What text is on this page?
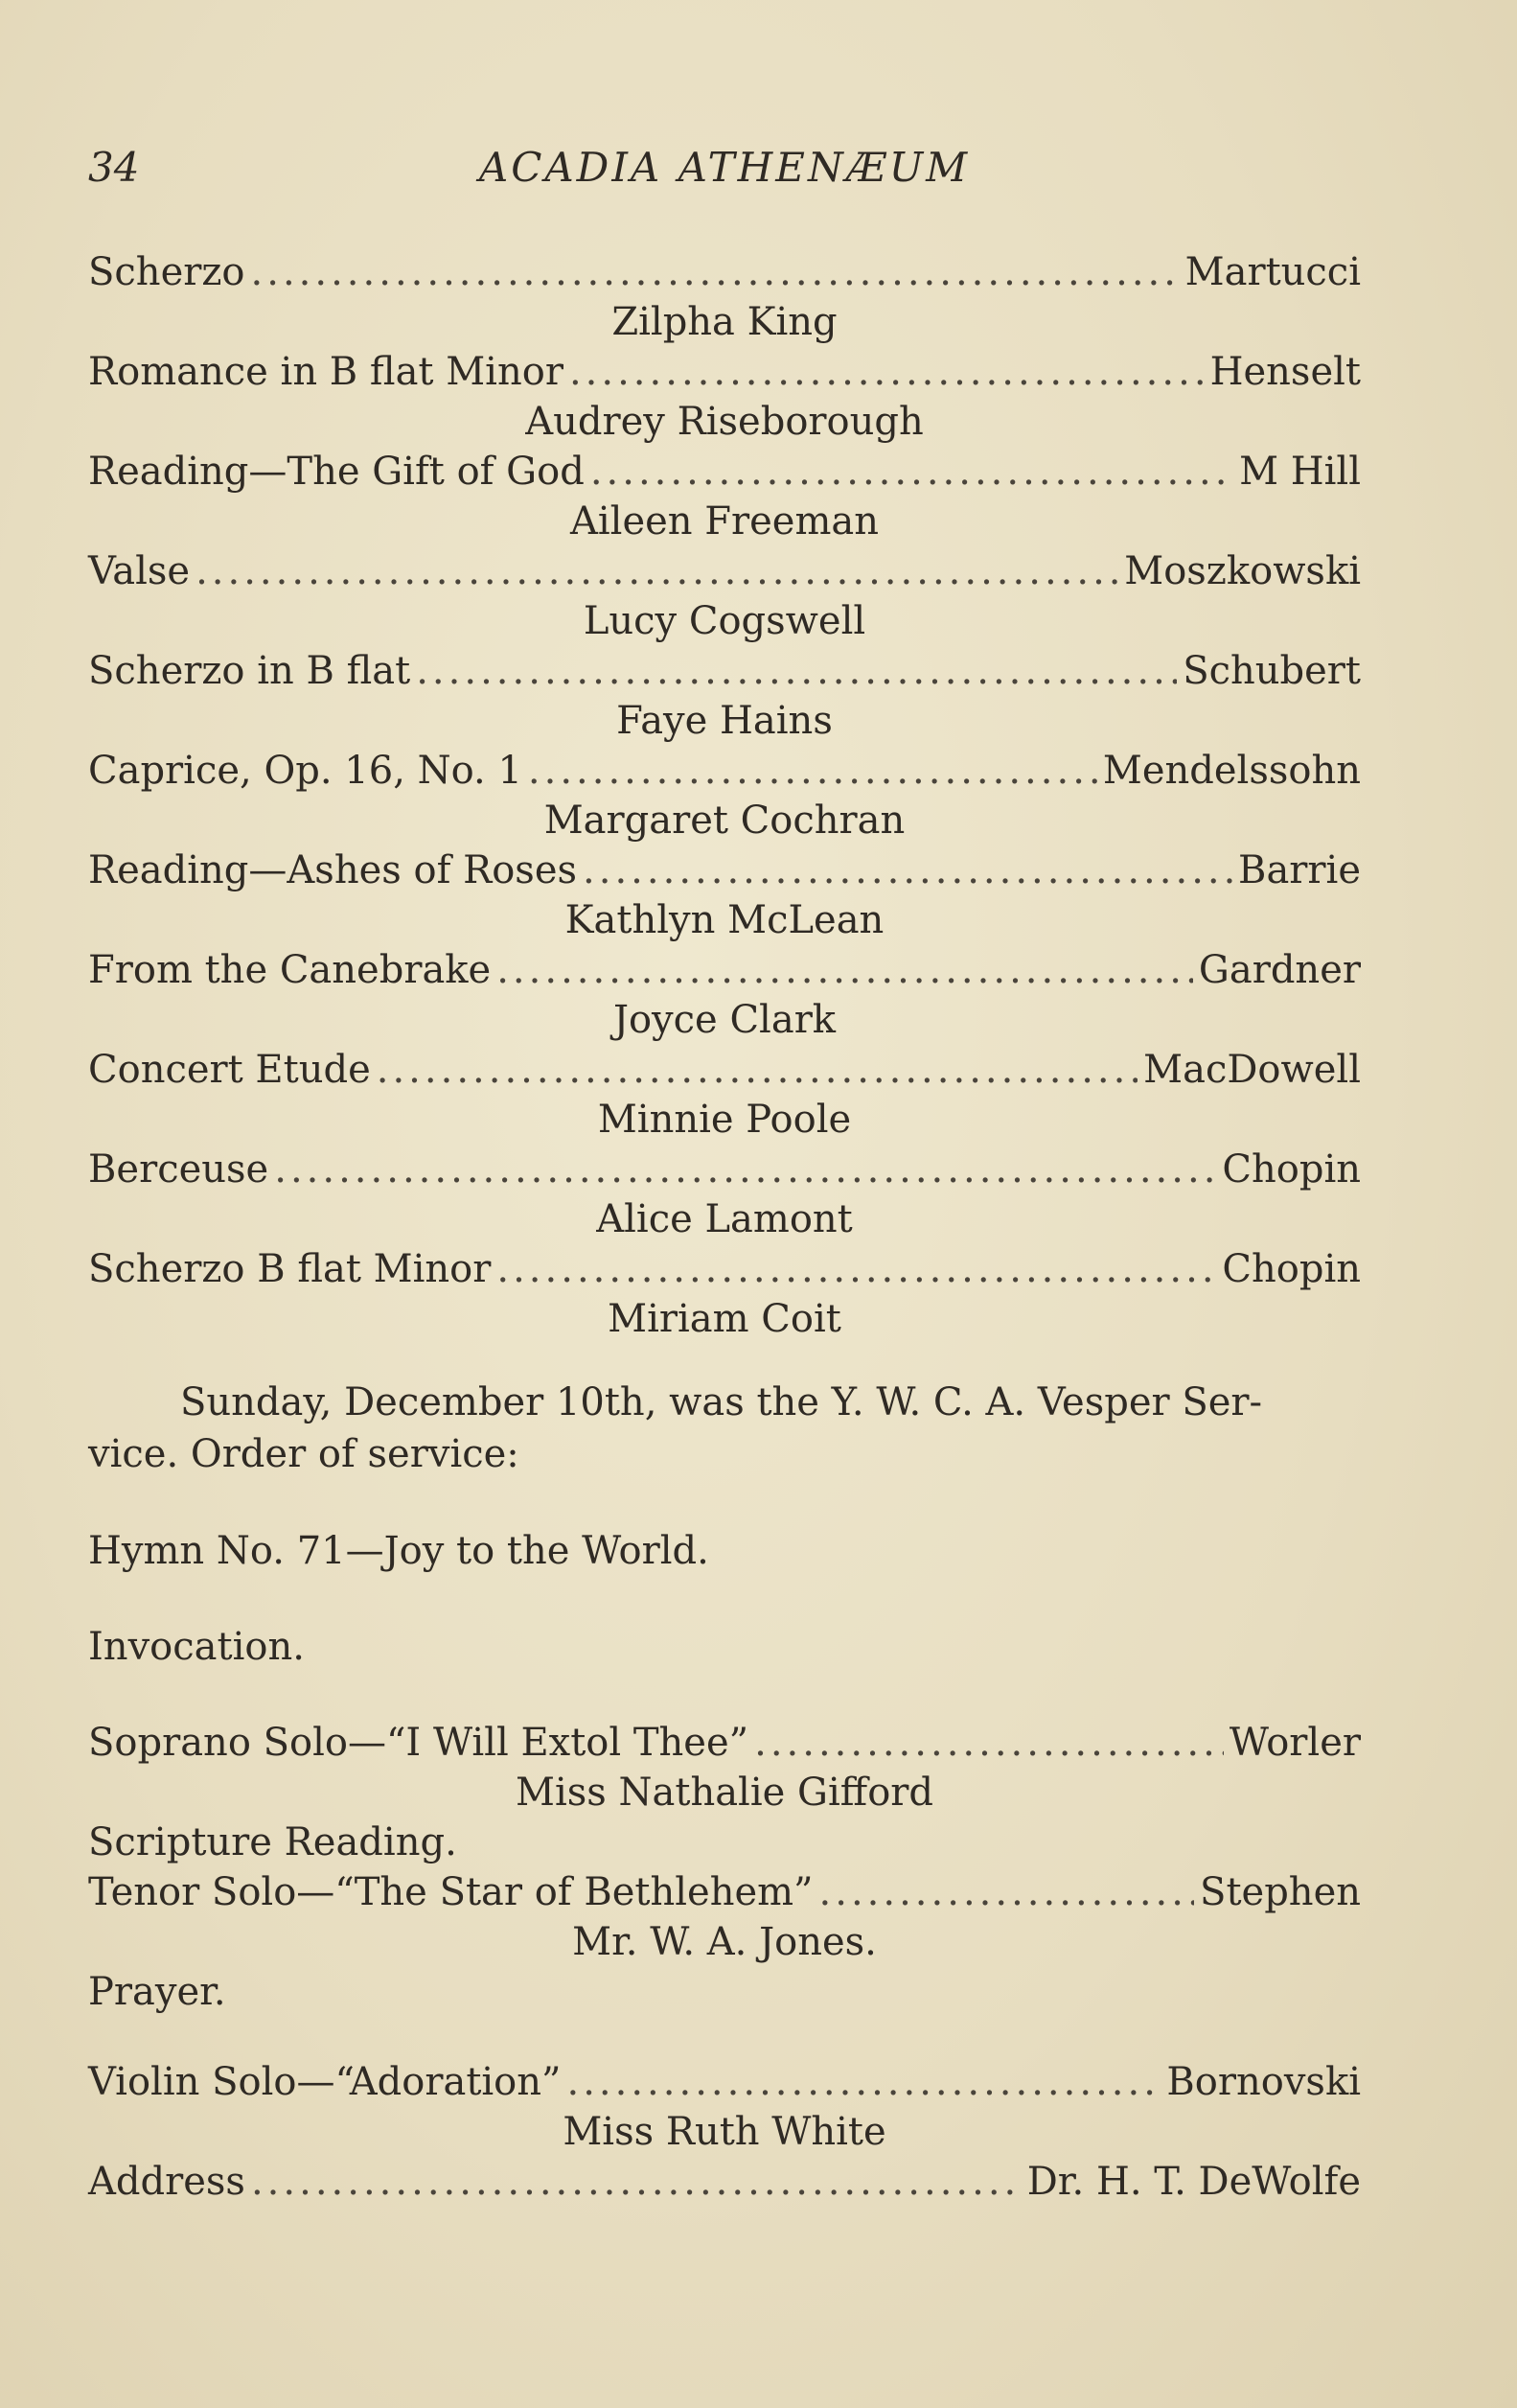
34	ACADIA ATHENÆUM
Scherzo .....	Martucci
Zilpha King
Romance in B flat Minor .....	Henselt
Audrey Riseborough
Reading—The Gift of God .....	M Hill
Aileen Freeman
Valse .....	Moszkowski
Lucy Cogswell
Scherzo in B flat .....	Schubert
Faye Hains
Caprice, Op. 16, No. 1 .....	Mendelssohn
Margaret Cochran
Reading—Ashes of Roses .....	Barrie
Kathlyn McLean
From the Canebrake .....	Gardner
Joyce Clark
Concert Etude .....	MacDowell
Minnie Poole
Berceuse .....	Chopin
Alice Lamont
Scherzo B flat Minor .....	Chopin
Miriam Coit
Sunday, December 10th, was the Y. W. C. A. Vesper Ser-
vice. Order of service:
Hymn No. 71—Joy to the World.
Invocation.
Soprano Solo—“I Will Extol Thee” .....	Worler
Miss Nathalie Gifford
Scripture Reading.
Tenor Solo—“The Star of Bethlehem” .....	Stephen
Mr. W. A. Jones.
Prayer.
Violin Solo—“Adoration” .....	Bornovski
Miss Ruth White
Address .....	Dr. H. T. DeWolfe
